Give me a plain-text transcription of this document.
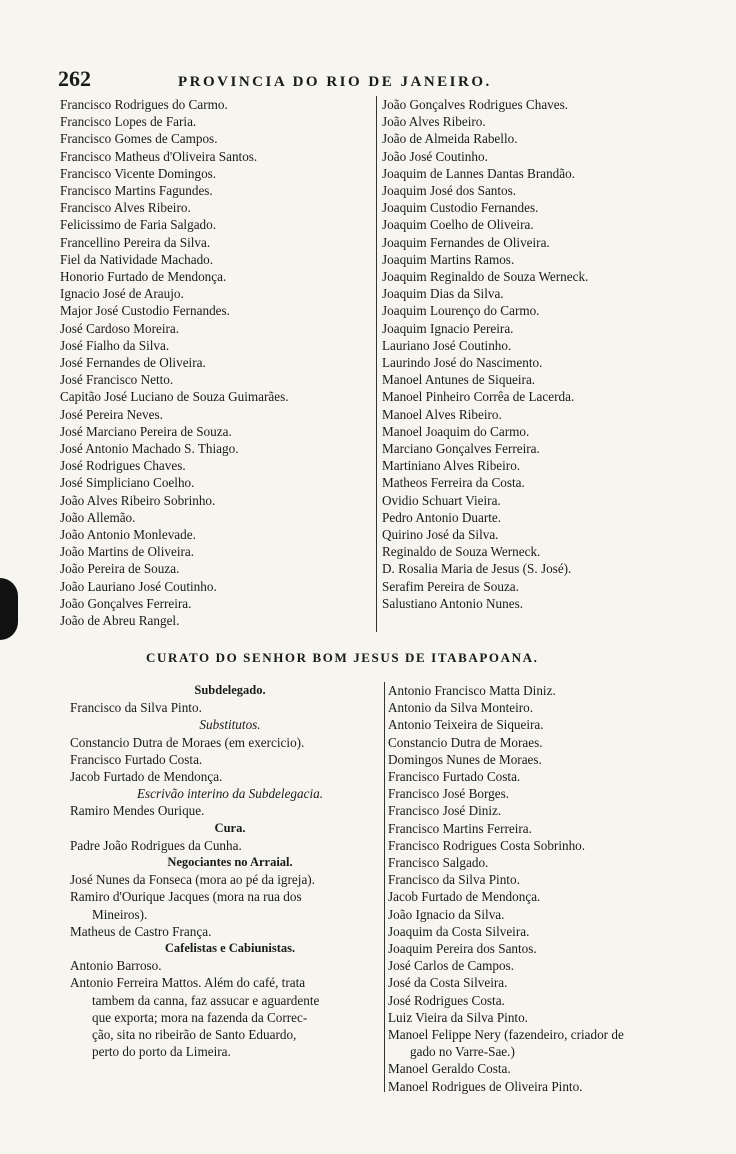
262	PROVINCIA DO RIO DE JANEIRO.
Francisco Rodrigues do Carmo.
Francisco Lopes de Faria.
Francisco Gomes de Campos.
Francisco Matheus d'Oliveira Santos.
Francisco Vicente Domingos.
Francisco Martins Fagundes.
Francisco Alves Ribeiro.
Felicissimo de Faria Salgado.
Francellino Pereira da Silva.
Fiel da Natividade Machado.
Honorio Furtado de Mendonça.
Ignacio José de Araujo.
Major José Custodio Fernandes.
José Cardoso Moreira.
José Fialho da Silva.
José Fernandes de Oliveira.
José Francisco Netto.
Capitão José Luciano de Souza Guimarães.
José Pereira Neves.
José Marciano Pereira de Souza.
José Antonio Machado S. Thiago.
José Rodrigues Chaves.
José Simpliciano Coelho.
João Alves Ribeiro Sobrinho.
João Allemão.
João Antonio Monlevade.
João Martins de Oliveira.
João Pereira de Souza.
João Lauriano José Coutinho.
João Gonçalves Ferreira.
João de Abreu Rangel.
João Gonçalves Rodrigues Chaves.
João Alves Ribeiro.
João de Almeida Rabello.
João José Coutinho.
Joaquim de Lannes Dantas Brandão.
Joaquim José dos Santos.
Joaquim Custodio Fernandes.
Joaquim Coelho de Oliveira.
Joaquim Fernandes de Oliveira.
Joaquim Martins Ramos.
Joaquim Reginaldo de Souza Werneck.
Joaquim Dias da Silva.
Joaquim Lourenço do Carmo.
Joaquim Ignacio Pereira.
Lauriano José Coutinho.
Laurindo José do Nascimento.
Manoel Antunes de Siqueira.
Manoel Pinheiro Corrêa de Lacerda.
Manoel Alves Ribeiro.
Manoel Joaquim do Carmo.
Marciano Gonçalves Ferreira.
Martiniano Alves Ribeiro.
Matheos Ferreira da Costa.
Ovidio Schuart Vieira.
Pedro Antonio Duarte.
Quirino José da Silva.
Reginaldo de Souza Werneck.
D. Rosalia Maria de Jesus (S. José).
Serafim Pereira de Souza.
Salustiano Antonio Nunes.
CURATO DO SENHOR BOM JESUS DE ITABAPOANA.
Subdelegado.
Francisco da Silva Pinto.
Substitutos.
Constancio Dutra de Moraes (em exercicio).
Francisco Furtado Costa.
Jacob Furtado de Mendonça.
Escrivão interino da Subdelegacia.
Ramiro Mendes Ourique.
Cura.
Padre João Rodrigues da Cunha.
Negociantes no Arraial.
José Nunes da Fonseca (mora ao pé da igreja).
Ramiro d'Ourique Jacques (mora na rua dos
Mineiros).
Matheus de Castro França.
Cafelistas e Cabiunistas.
Antonio Barroso.
Antonio Ferreira Mattos. Além do café, trata
tambem da canna, faz assucar e aguardente
que exporta; mora na fazenda da Correc-
ção, sita no ribeirão de Santo Eduardo,
perto do porto da Limeira.
Antonio Francisco Matta Diniz.
Antonio da Silva Monteiro.
Antonio Teixeira de Siqueira.
Constancio Dutra de Moraes.
Domingos Nunes de Moraes.
Francisco Furtado Costa.
Francisco José Borges.
Francisco José Diniz.
Francisco Martins Ferreira.
Francisco Rodrigues Costa Sobrinho.
Francisco Salgado.
Francisco da Silva Pinto.
Jacob Furtado de Mendonça.
João Ignacio da Silva.
Joaquim da Costa Silveira.
Joaquim Pereira dos Santos.
José Carlos de Campos.
José da Costa Silveira.
José Rodrigues Costa.
Luiz Vieira da Silva Pinto.
Manoel Felippe Nery (fazendeiro, criador de
gado no Varre-Sae.)
Manoel Geraldo Costa.
Manoel Rodrigues de Oliveira Pinto.
